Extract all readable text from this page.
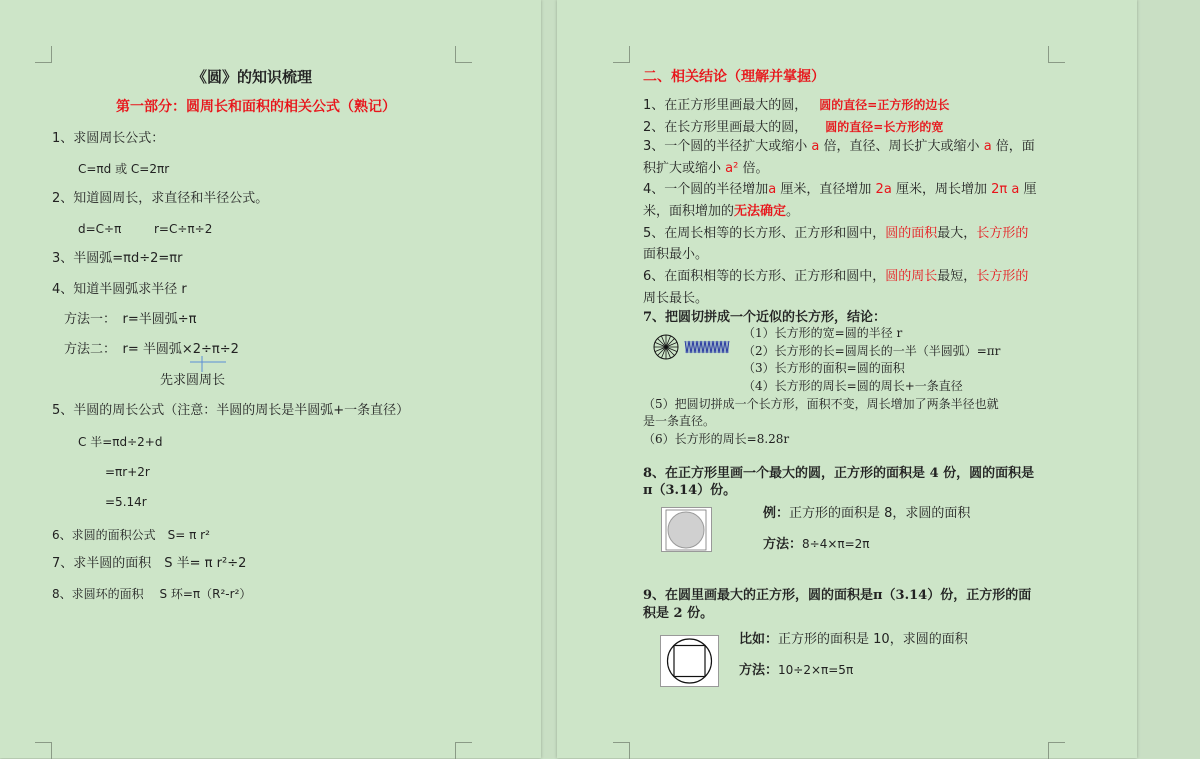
《圆》的知识梳理
第一部分：圆周长和面积的相关公式（熟记）
1、求圆周长公式：
C=πd 或 C=2πr
2、知道圆周长，求直径和半径公式。
d=C÷π	r=C÷π÷2
3、半圆弧=πd÷2=πr
4、知道半圆弧求半径 r
方法一：　r=半圆弧÷π
方法二：　r= 半圆弧×2÷π÷2
先求圆周长
5、半圆的周长公式（注意：半圆的周长是半圆弧+一条直径）
C 半=πd÷2+d
=πr+2r
=5.14r
6、求圆的面积公式　S= π r²
7、求半圆的面积　S 半= π r²÷2
8、求圆环的面积　 S 环=π（R²-r²）
二、相关结论（理解并掌握）
1、在正方形里画最大的圆， 圆的直径=正方形的边长
2、在长方形里画最大的圆， 圆的直径=长方形的宽
3、一个圆的半径扩大或缩小 a 倍，直径、周长扩大或缩小 a 倍，面
积扩大或缩小 a² 倍。
4、一个圆的半径增加a 厘米，直径增加 2a 厘米，周长增加 2π a 厘
米，面积增加的无法确定。
5、在周长相等的长方形、正方形和圆中，圆的面积最大，长方形的
面积最小。
6、在面积相等的长方形、正方形和圆中，圆的周长最短，长方形的
周长最长。
7、把圆切拼成一个近似的长方形，结论：
（1）长方形的宽=圆的半径 r
（2）长方形的长=圆周长的一半（半圆弧）=πr
（3）长方形的面积=圆的面积
（4）长方形的周长=圆的周长+一条直径
（5）把圆切拼成一个长方形，面积不变，周长增加了两条半径也就
是一条直径。
（6）长方形的周长=8.28r
8、在正方形里画一个最大的圆，正方形的面积是 4 份，圆的面积是
π（3.14）份。
例：正方形的面积是 8，求圆的面积
方法：8÷4×π=2π
9、在圆里画最大的正方形，圆的面积是π（3.14）份，正方形的面
积是 2 份。
比如：正方形的面积是 10，求圆的面积
方法：10÷2×π=5π
